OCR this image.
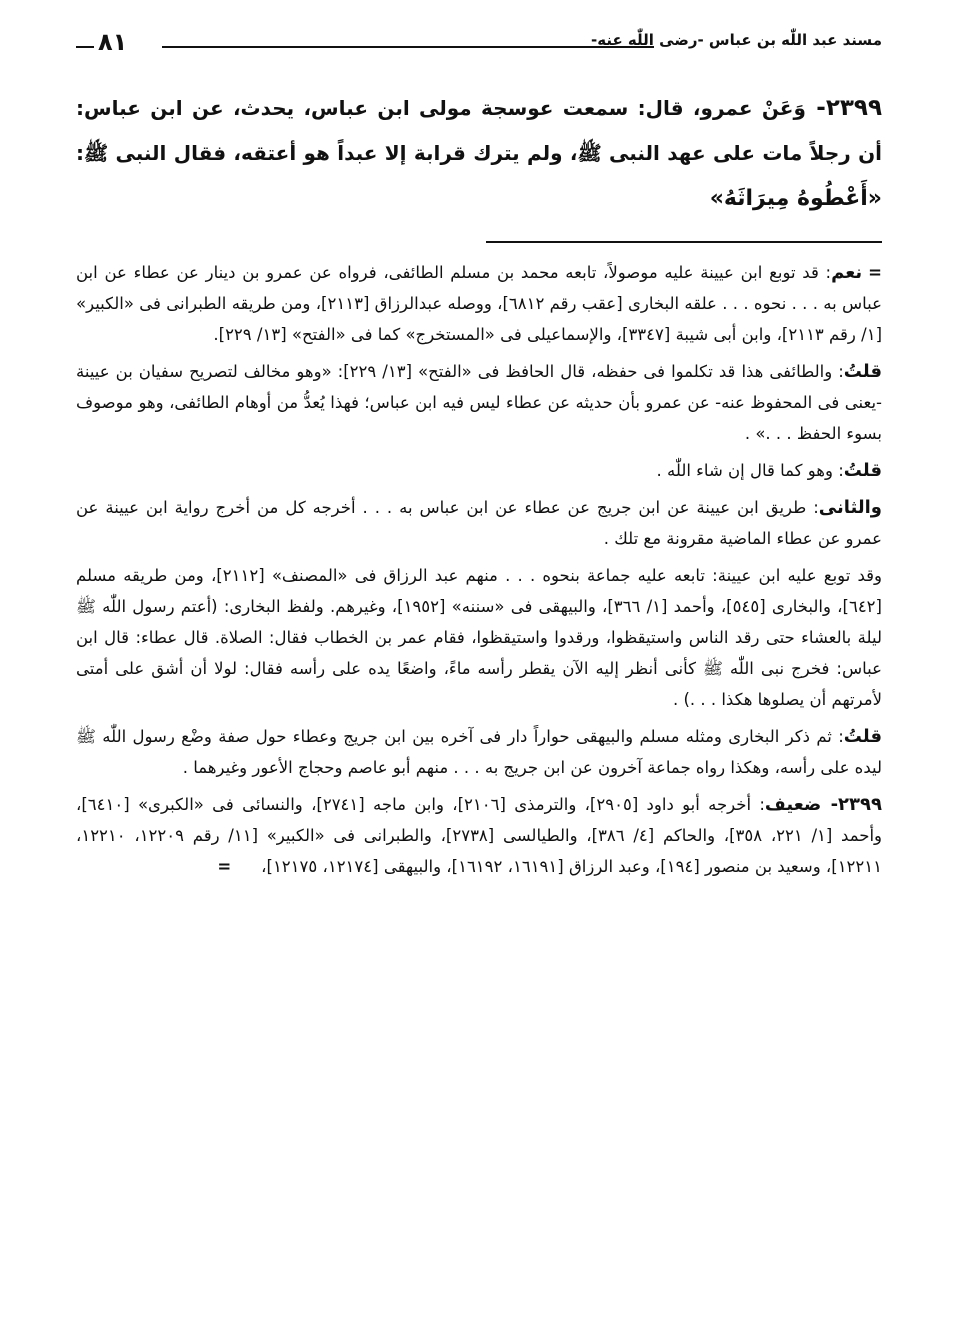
٨١	مسند عبد اللّٰه بن عباس -رضى اللّٰه عنه-
٢٣٩٩- وَعَنْ عمرو، قال: سمعت عوسجة مولى ابن عباس، يحدث، عن ابن عباس: أن رجلاً مات على عهد النبى ﷺ، ولم يترك قرابة إلا عبداً هو أعتقه، فقال النبى ﷺ: «أَعْطُوهُ مِيرَاثَهُ»

=نعم: قد توبع ابن عيينة عليه موصولاً، تابعه محمد بن مسلم الطائفى، فرواه عن عمرو بن دينار عن عطاء عن ابن عباس به . . . نحوه . . . علقه البخارى [عقب رقم ٦٨١٢]، ووصله عبدالرزاق [٢١١٣]، ومن طريقه الطبرانى فى «الكبير» [١/ رقم ٢١١٣]، وابن أبى شيبة [٣٣٤٧]، والإسماعيلى فى «المستخرج» كما فى «الفتح» [١٣/ ٢٢٩].

قلتُ: والطائفى هذا قد تكلموا فى حفظه، قال الحافظ فى «الفتح» [١٣/ ٢٢٩]: «وهو مخالف لتصريح سفيان بن عيينة -يعنى فى المحفوظ عنه- عن عمرو بأن حديثه عن عطاء ليس فيه ابن عباس؛ فهذا يُعدُّ من أوهام الطائفى، وهو موصوف بسوء الحفظ . . .» .

قلتُ: وهو كما قال إن شاء اللّٰه .

والثانى: طريق ابن عيينة عن ابن جريج عن عطاء عن ابن عباس به . . . أخرجه كل من أخرج رواية ابن عيينة عن عمرو عن عطاء الماضية مقرونة مع تلك .

وقد توبع عليه ابن عيينة: تابعه عليه جماعة بنحوه . . . منهم عبد الرزاق فى «المصنف» [٢١١٢]، ومن طريقه مسلم [٦٤٢]، والبخارى [٥٤٥]، وأحمد [١/ ٣٦٦]، والبيهقى فى «سننه» [١٩٥٢]، وغيرهم. ولفظ البخارى: (أعتم رسول اللّٰه ﷺ ليلة بالعشاء حتى رقد الناس واستيقظوا، ورقدوا واستيقظوا، فقام عمر بن الخطاب فقال: الصلاة. قال عطاء: قال ابن عباس: فخرج نبى اللّٰه ﷺ كأنى أنظر إليه الآن يقطر رأسه ماءً، واضعًا يده على رأسه فقال: لولا أن أشق على أمتى لأمرتهم أن يصلوها هكذا . . .) .

قلتُ: ثم ذكر البخارى ومثله مسلم والبيهقى حواراً دار فى آخره بين ابن جريج وعطاء حول صفة وضْع رسول اللّٰه ﷺ ليده على رأسه، وهكذا رواه جماعة آخرون عن ابن جريج به . . . منهم أبو عاصم وحجاج الأعور وغيرهما .

٢٣٩٩- ضعيف: أخرجه أبو داود [٢٩٠٥]، والترمذى [٢١٠٦]، وابن ماجه [٢٧٤١]، والنسائى فى «الكبرى» [٦٤١٠]، وأحمد [١/ ٢٢١، ٣٥٨]، والحاكم [٤/ ٣٨٦]، والطيالسى [٢٧٣٨]، والطبرانى فى «الكبير» [١١/ رقم ١٢٢٠٩، ١٢٢١٠، ١٢٢١١]، وسعيد بن منصور [١٩٤]، وعبد الرزاق [١٦١٩١، ١٦١٩٢]، والبيهقى [١٢١٧٤، ١٢١٧٥]،=
